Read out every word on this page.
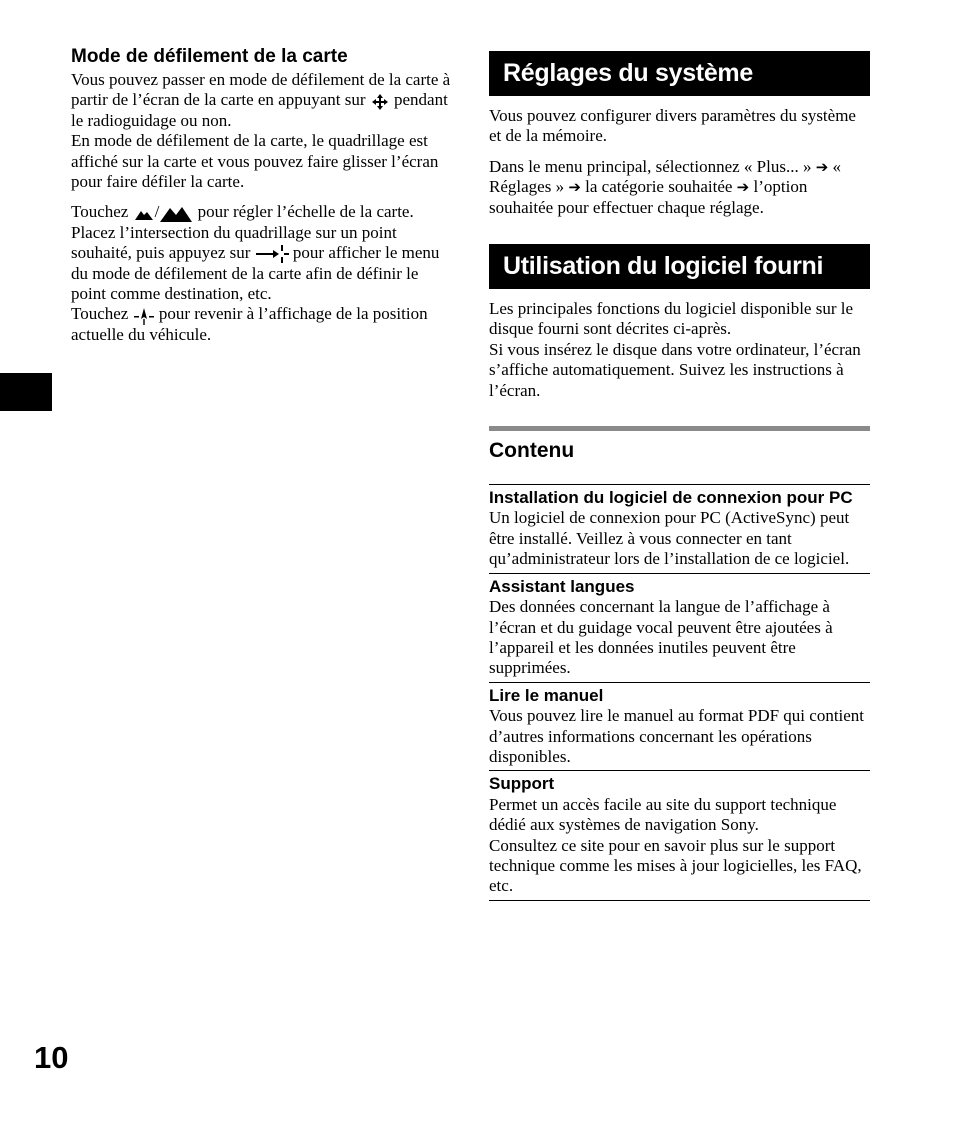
Mode de défilement de la carte

Vous pouvez passer en mode de défilement de la carte à partir de l’écran de la carte en appuyant sur pendant le radioguidage ou non.
En mode de défilement de la carte, le quadrillage est affiché sur la carte et vous pouvez faire glisser l’écran pour faire défiler la carte.

Touchez / pour régler l’échelle de la carte.
Placez l’intersection du quadrillage sur un point souhaité, puis appuyez sur	pour afficher le menu du mode de défilement de la carte afin de définir le point comme destination, etc.
Touchez pour revenir à l’affichage de la position actuelle du véhicule.

Réglages du système

Vous pouvez configurer divers paramètres du système et de la mémoire.

Dans le menu principal, sélectionnez « Plus... » ➔ « Réglages » ➔ la catégorie souhaitée ➔ l’option souhaitée pour effectuer chaque réglage.

Utilisation du logiciel fourni

Les principales fonctions du logiciel disponible sur le disque fourni sont décrites ci-après.
Si vous insérez le disque dans votre ordinateur, l’écran s’affiche automatiquement. Suivez les instructions à l’écran.

Contenu
Installation du logiciel de connexion pour PC

Un logiciel de connexion pour PC (ActiveSync) peut être installé. Veillez à vous connecter en tant qu’administrateur lors de l’installation de ce logiciel.

Assistant langues

Des données concernant la langue de l’affichage à l’écran et du guidage vocal peuvent être ajoutées à l’appareil et les données inutiles peuvent être supprimées.

Lire le manuel

Vous pouvez lire le manuel au format PDF qui contient d’autres informations concernant les opérations disponibles.

Support

Permet un accès facile au site du support technique dédié aux systèmes de navigation Sony.

Consultez ce site pour en savoir plus sur le support technique comme les mises à jour logicielles, les FAQ, etc.

10
